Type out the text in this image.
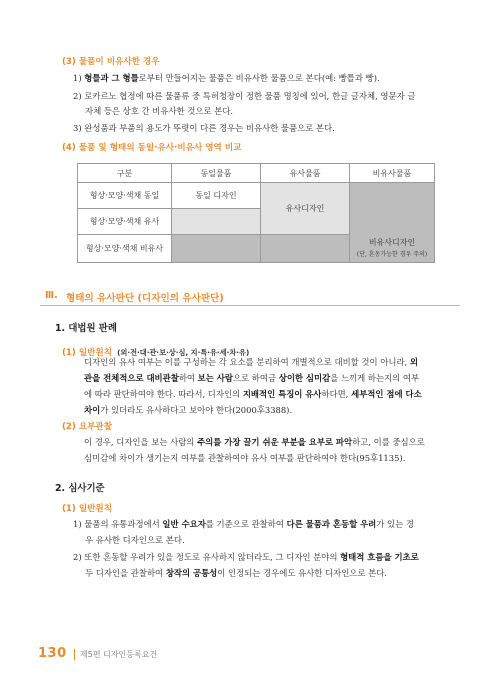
(3) 물품이 비유사한 경우
1) 형틀과 그 형틀로부터 만들어지는 물품은 비유사한 물품으로 본다(예: 빵틀과 빵).
2) 로카르노 협정에 따른 물품류 중 특허청장이 정한 물품 명칭에 있어, 한글 글자체, 영문자 글
자체 등은 상호 간 비유사한 것으로 본다.
3) 완성품과 부품의 용도가 뚜렷이 다른 경우는 비유사한 물품으로 본다.
(4) 물품 및 형태의 동일·유사·비유사 영역 비교
구분	동일물품	유사물품	비유사물품
형상·모양·색채 동일	동일 디자인	유사디자인	비유사디자인
(단, 혼동가능한 경우 주의)

형상·모양·색채 유사			
형상·모양·색채 비유사			
Ⅲ. 형태의 유사판단 (디자인의 유사판단)
1. 대법원 판례
(1) 일반원칙 (외·전·대·관·보·상·심, 지·특·유·세·차·유)
디자인의 유사 여부는 이를 구성하는 각 요소를 분리하여 개별적으로 대비할 것이 아니라, 외
관을 전체적으로 대비관찰하여 보는 사람으로 하여금 상이한 심미감을 느끼게 하는지의 여부
에 따라 판단하여야 한다. 따라서, 디자인의 지배적인 특징이 유사하다면, 세부적인 점에 다소
차이가 있더라도 유사하다고 보아야 한다(2000후3388).
(2) 요부관찰
이 경우, 디자인을 보는 사람의 주의를 가장 끌기 쉬운 부분을 요부로 파악하고, 이를 중심으로
심미감에 차이가 생기는지 여부를 관찰하여야 유사 여부를 판단하여야 한다(95후1135).
2. 심사기준
(1) 일반원칙
1) 물품의 유통과정에서 일반 수요자를 기준으로 관찰하여 다른 물품과 혼동할 우려가 있는 경
우 유사한 디자인으로 본다.
2) 또한 혼동할 우려가 있을 정도로 유사하지 않더라도, 그 디자인 분야의 형태적 흐름을 기초로
두 디자인을 관찰하여 창작의 공통성이 인정되는 경우에도 유사한 디자인으로 본다.
130 제5편 디자인등록요건
